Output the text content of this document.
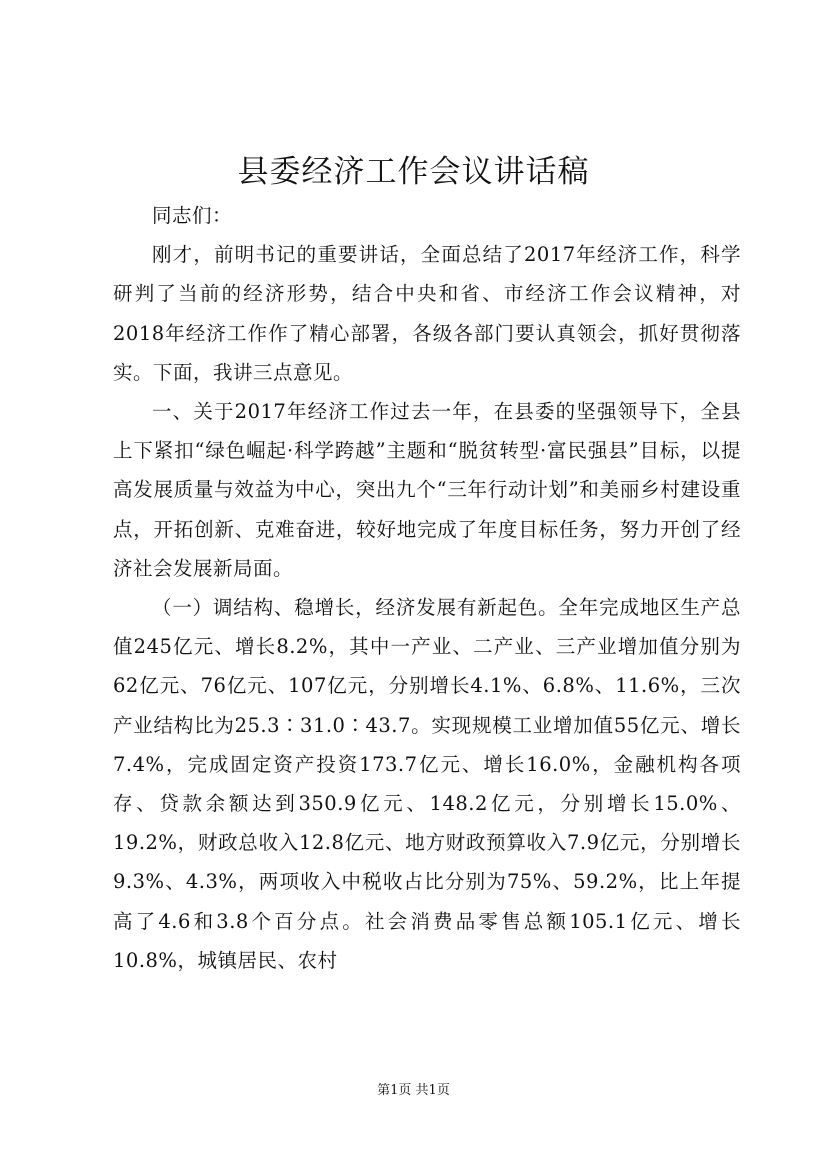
县委经济工作会议讲话稿

同志们：

刚才，前明书记的重要讲话，全面总结了2017年经济工作，科学研判了当前的经济形势，结合中央和省、市经济工作会议精神，对2018年经济工作作了精心部署，各级各部门要认真领会，抓好贯彻落实。下面，我讲三点意见。

一、关于2017年经济工作过去一年，在县委的坚强领导下，全县上下紧扣“绿色崛起·科学跨越”主题和“脱贫转型·富民强县”目标，以提高发展质量与效益为中心，突出九个“三年行动计划”和美丽乡村建设重点，开拓创新、克难奋进，较好地完成了年度目标任务，努力开创了经济社会发展新局面。

（一）调结构、稳增长，经济发展有新起色。全年完成地区生产总值245亿元、增长8.2%，其中一产业、二产业、三产业增加值分别为62亿元、76亿元、107亿元，分别增长4.1%、6.8%、11.6%，三次产业结构比为25.3∶31.0∶43.7。实现规模工业增加值55亿元、增长7.4%，完成固定资产投资173.7亿元、增长16.0%，金融机构各项存、贷款余额达到350.9亿元、148.2亿元，分别增长15.0%、19.2%，财政总收入12.8亿元、地方财政预算收入7.9亿元，分别增长9.3%、4.3%，两项收入中税收占比分别为75%、59.2%，比上年提高了4.6和3.8个百分点。社会消费品零售总额105.1亿元、增长10.8%，城镇居民、农村

第1页 共1页
